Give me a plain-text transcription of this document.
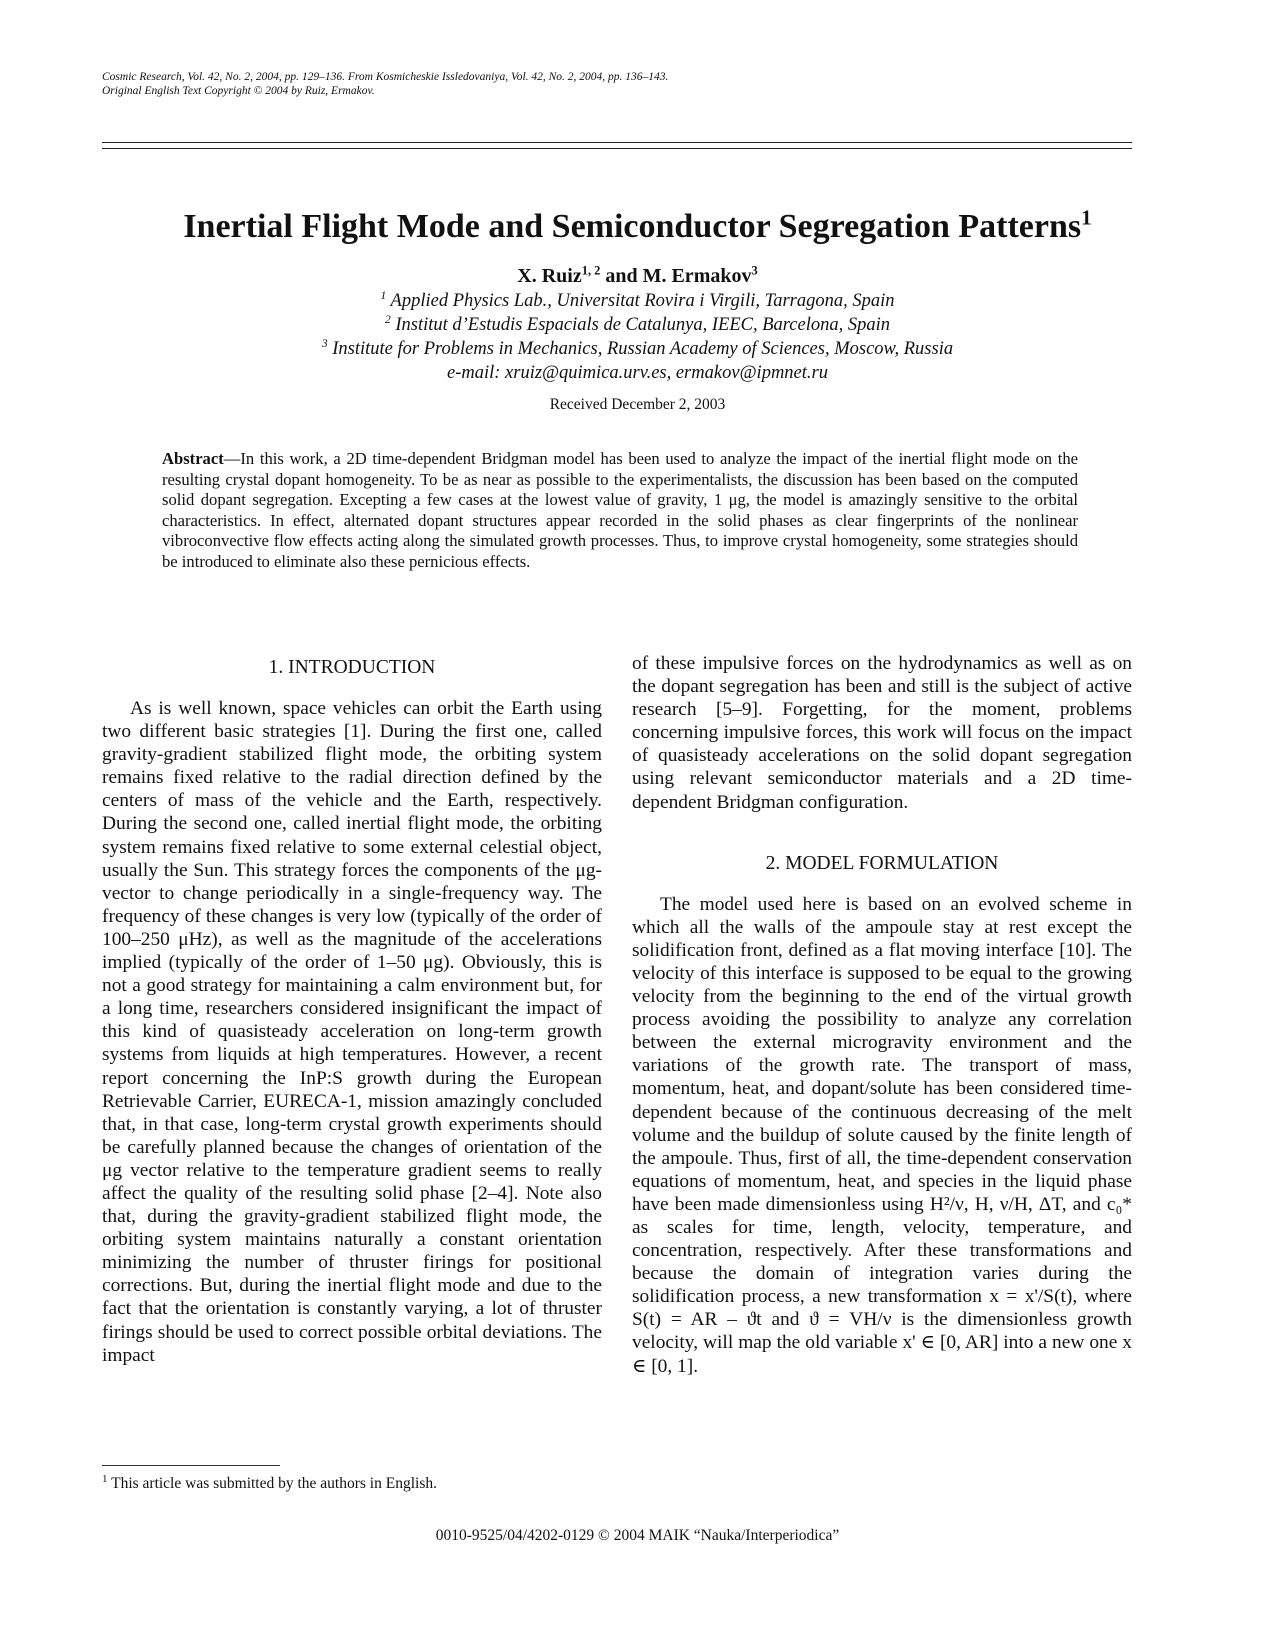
Cosmic Research, Vol. 42, No. 2, 2004, pp. 129–136. From Kosmicheskie Issledovaniya, Vol. 42, No. 2, 2004, pp. 136–143.
Original English Text Copyright © 2004 by Ruiz, Ermakov.
Inertial Flight Mode and Semiconductor Segregation Patterns$^1$
X. Ruiz$^{1, 2}$ and M. Ermakov$^3$
$^1$ Applied Physics Lab., Universitat Rovira i Virgili, Tarragona, Spain
$^2$ Institut d’Estudis Espacials de Catalunya, IEEC, Barcelona, Spain
$^3$ Institute for Problems in Mechanics, Russian Academy of Sciences, Moscow, Russia
e-mail: xruiz@quimica.urv.es, ermakov@ipmnet.ru
Received December 2, 2003
Abstract—In this work, a 2D time-dependent Bridgman model has been used to analyze the impact of the inertial flight mode on the resulting crystal dopant homogeneity. To be as near as possible to the experimentalists, the discussion has been based on the computed solid dopant segregation. Excepting a few cases at the lowest value of gravity, 1 μg, the model is amazingly sensitive to the orbital characteristics. In effect, alternated dopant structures appear recorded in the solid phases as clear fingerprints of the nonlinear vibroconvective flow effects acting along the simulated growth processes. Thus, to improve crystal homogeneity, some strategies should be introduced to eliminate also these pernicious effects.

1. INTRODUCTION

As is well known, space vehicles can orbit the Earth using two different basic strategies [1]. During the first one, called gravity-gradient stabilized flight mode, the orbiting system remains fixed relative to the radial direction defined by the centers of mass of the vehicle and the Earth, respectively. During the second one, called inertial flight mode, the orbiting system remains fixed relative to some external celestial object, usually the Sun. This strategy forces the components of the μg-vector to change periodically in a single-frequency way. The frequency of these changes is very low (typically of the order of 100–250 μHz), as well as the magnitude of the accelerations implied (typically of the order of 1–50 μg). Obviously, this is not a good strategy for maintaining a calm environment but, for a long time, researchers considered insignificant the impact of this kind of quasisteady acceleration on long-term growth systems from liquids at high temperatures. However, a recent report concerning the InP:S growth during the European Retrievable Carrier, EURECA-1, mission amazingly concluded that, in that case, long-term crystal growth experiments should be carefully planned because the changes of orientation of the μg vector relative to the temperature gradient seems to really affect the quality of the resulting solid phase [2–4]. Note also that, during the gravity-gradient stabilized flight mode, the orbiting system maintains naturally a constant orientation minimizing the number of thruster firings for positional corrections. But, during the inertial flight mode and due to the fact that the orientation is constantly varying, a lot of thruster firings should be used to correct possible orbital deviations. The impact

of these impulsive forces on the hydrodynamics as well as on the dopant segregation has been and still is the subject of active research [5–9]. Forgetting, for the moment, problems concerning impulsive forces, this work will focus on the impact of quasisteady accelerations on the solid dopant segregation using relevant semiconductor materials and a 2D time-dependent Bridgman configuration.

2. MODEL FORMULATION

The model used here is based on an evolved scheme in which all the walls of the ampoule stay at rest except the solidification front, defined as a flat moving interface [10]. The velocity of this interface is supposed to be equal to the growing velocity from the beginning to the end of the virtual growth process avoiding the possibility to analyze any correlation between the external microgravity environment and the variations of the growth rate. The transport of mass, momentum, heat, and dopant/solute has been considered time-dependent because of the continuous decreasing of the melt volume and the buildup of solute caused by the finite length of the ampoule. Thus, first of all, the time-dependent conservation equations of momentum, heat, and species in the liquid phase have been made dimensionless using H²/ν, H, ν/H, ΔT, and c₀* as scales for time, length, velocity, temperature, and concentration, respectively. After these transformations and because the domain of integration varies during the solidification process, a new transformation x = x'/S(t), where S(t) = AR – ϑt and ϑ = VH/ν is the dimensionless growth velocity, will map the old variable x' ∈ [0, AR] into a new one x ∈ [0, 1].

$^1$ This article was submitted by the authors in English.
0010-9525/04/4202-0129 © 2004 MAIK “Nauka/Interperiodica”
